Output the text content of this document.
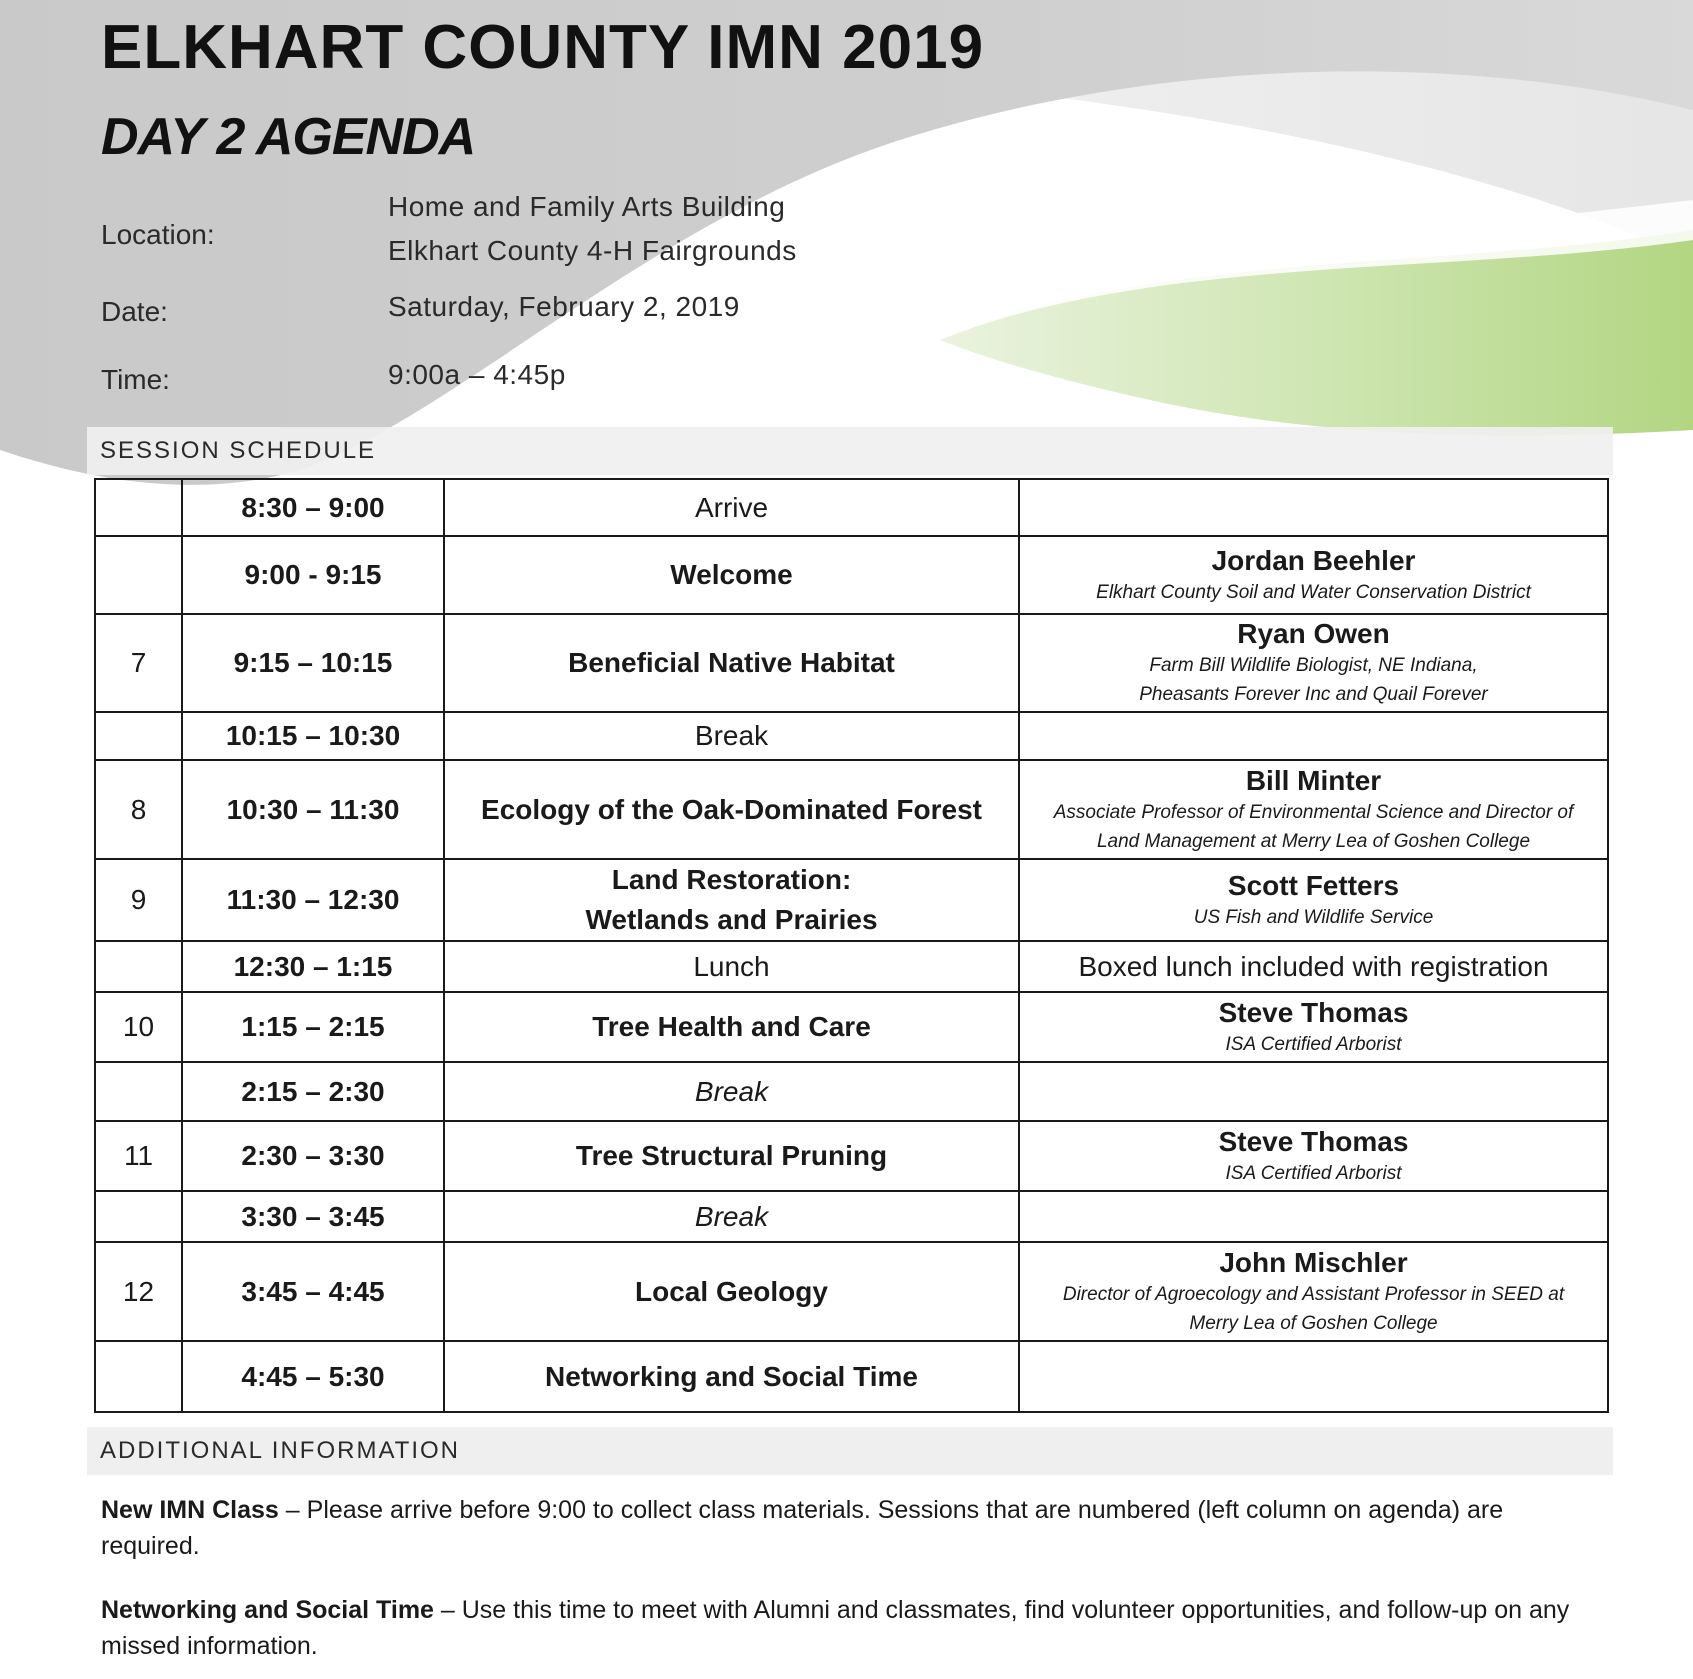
ELKHART COUNTY IMN 2019
DAY 2 AGENDA
Location:
Home and Family Arts Building
Elkhart County 4-H Fairgrounds
Date:	Saturday, February 2, 2019
Time:	9:00a – 4:45p
SESSION SCHEDULE
	8:30 – 9:00	Arrive	
	9:00 - 9:15	Welcome	Jordan Beehler
Elkhart County Soil and Water Conservation District

7	9:15 – 10:15	Beneficial Native Habitat	Ryan Owen
Farm Bill Wildlife Biologist, NE Indiana,
Pheasants Forever Inc and Quail Forever

	10:15 – 10:30	Break	
8	10:30 – 11:30	Ecology of the Oak-Dominated Forest	Bill Minter
Associate Professor of Environmental Science and Director of
Land Management at Merry Lea of Goshen College

9	11:30 – 12:30	Land Restoration:
Wetlands and Prairies	Scott Fetters
US Fish and Wildlife Service

	12:30 – 1:15	Lunch	Boxed lunch included with registration
10	1:15 – 2:15	Tree Health and Care	Steve Thomas
ISA Certified Arborist

	2:15 – 2:30	Break	
11	2:30 – 3:30	Tree Structural Pruning	Steve Thomas
ISA Certified Arborist

	3:30 – 3:45	Break	
12	3:45 – 4:45	Local Geology	John Mischler
Director of Agroecology and Assistant Professor in SEED at
Merry Lea of Goshen College

	4:45 – 5:30	Networking and Social Time	
ADDITIONAL INFORMATION
New IMN Class – Please arrive before 9:00 to collect class materials. Sessions that are numbered (left column on agenda) are required.
Networking and Social Time – Use this time to meet with Alumni and classmates, find volunteer opportunities, and follow-up on any missed information.
